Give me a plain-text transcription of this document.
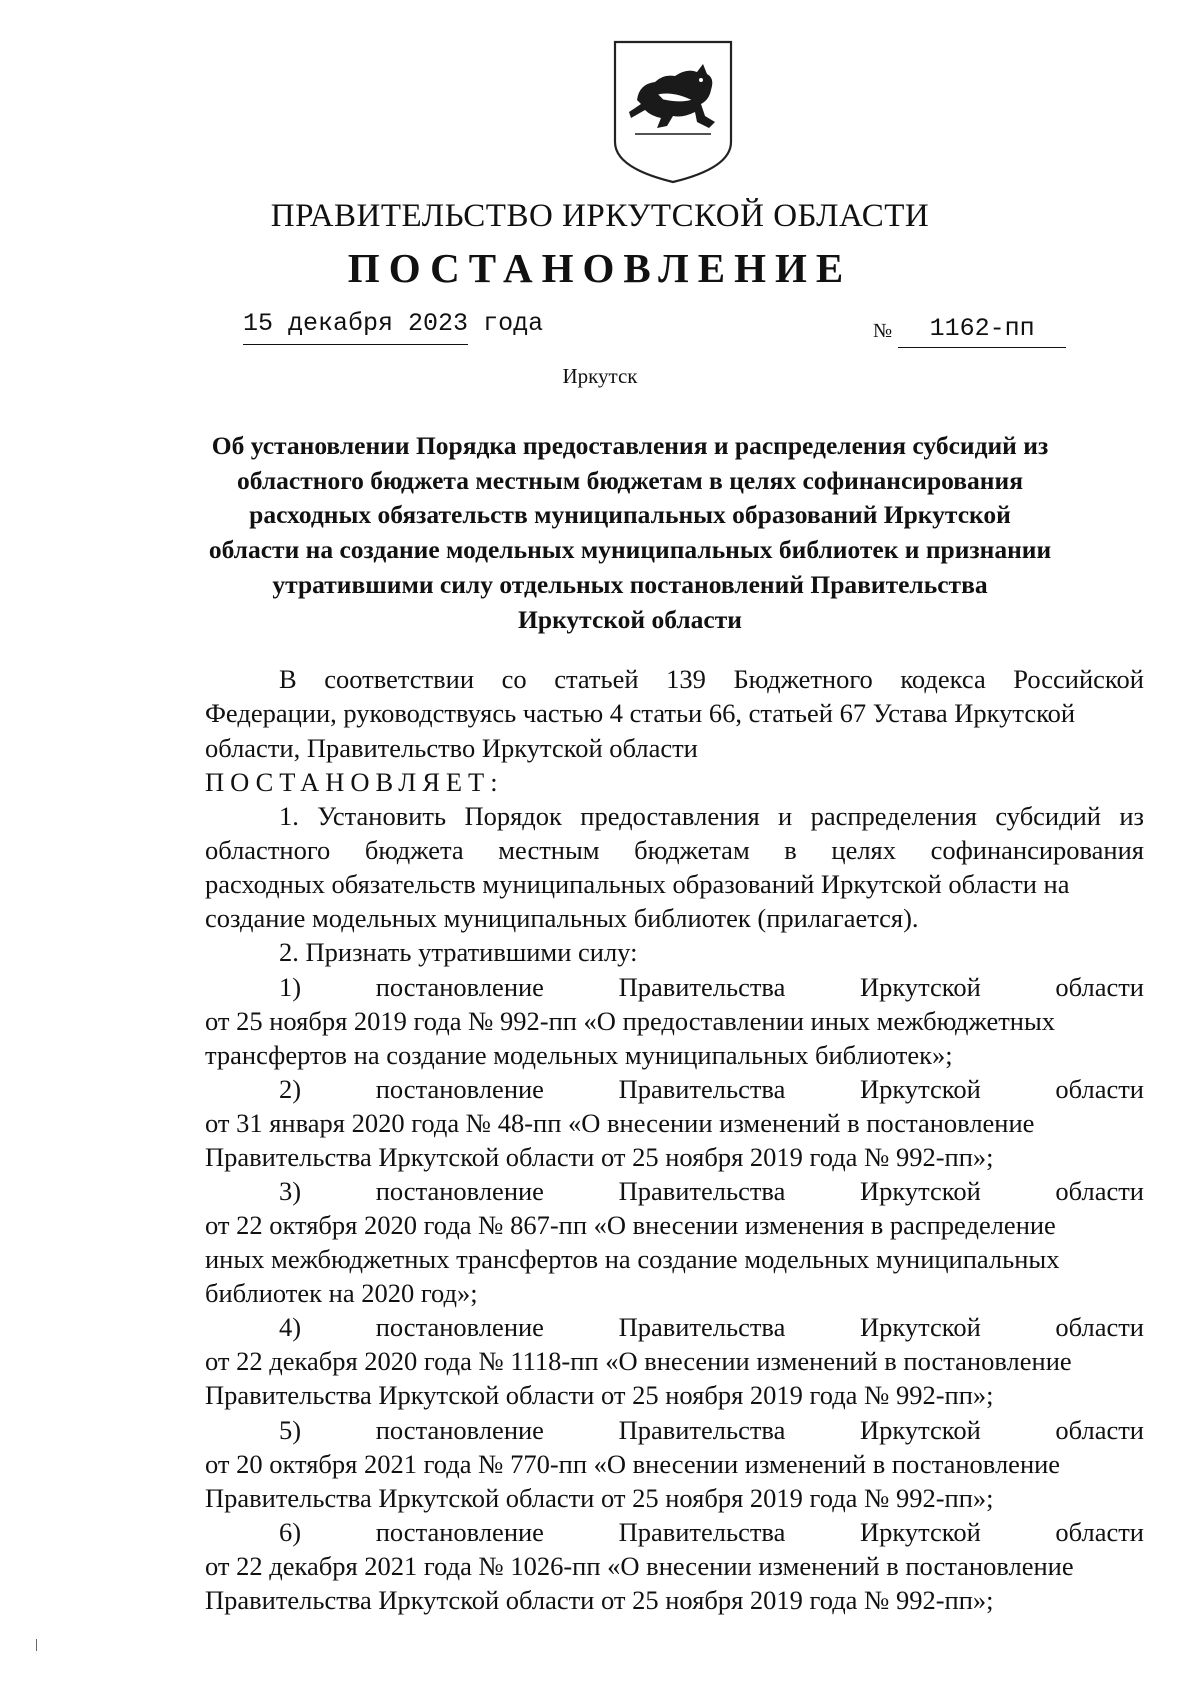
ПРАВИТЕЛЬСТВО ИРКУТСКОЙ ОБЛАСТИ
ПОСТАНОВЛЕНИЕ
15 декабря 2023 года	№ 1162-пп
Иркутск
Об установлении Порядка предоставления и распределения субсидий из
областного бюджета местным бюджетам в целях софинансирования
расходных обязательств муниципальных образований Иркутской
области на создание модельных муниципальных библиотек и признании
утратившими силу отдельных постановлений Правительства
Иркутской области
В соответствии со статьей 139 Бюджетного кодекса Российской
Федерации, руководствуясь частью 4 статьи 66, статьей 67 Устава Иркутской
области, Правительство Иркутской области
ПОСТАНОВЛЯЕТ:
1. Установить Порядок предоставления и распределения субсидий из
областного бюджета местным бюджетам в целях софинансирования
расходных обязательств муниципальных образований Иркутской области на
создание модельных муниципальных библиотек (прилагается).
2. Признать утратившими силу:
1)	постановление	Правительства	Иркутской	области
от 25 ноября 2019 года № 992-пп «О предоставлении иных межбюджетных
трансфертов на создание модельных муниципальных библиотек»;
2)	постановление	Правительства	Иркутской	области
от 31 января 2020 года № 48-пп «О внесении изменений в постановление
Правительства Иркутской области от 25 ноября 2019 года № 992-пп»;
3)	постановление	Правительства	Иркутской	области
от 22 октября 2020 года № 867-пп «О внесении изменения в распределение
иных межбюджетных трансфертов на создание модельных муниципальных
библиотек на 2020 год»;
4)	постановление	Правительства	Иркутской	области
от 22 декабря 2020 года № 1118-пп «О внесении изменений в постановление
Правительства Иркутской области от 25 ноября 2019 года № 992-пп»;
5)	постановление	Правительства	Иркутской	области
от 20 октября 2021 года № 770-пп «О внесении изменений в постановление
Правительства Иркутской области от 25 ноября 2019 года № 992-пп»;
6)	постановление	Правительства	Иркутской	области
от 22 декабря 2021 года № 1026-пп «О внесении изменений в постановление
Правительства Иркутской области от 25 ноября 2019 года № 992-пп»;
